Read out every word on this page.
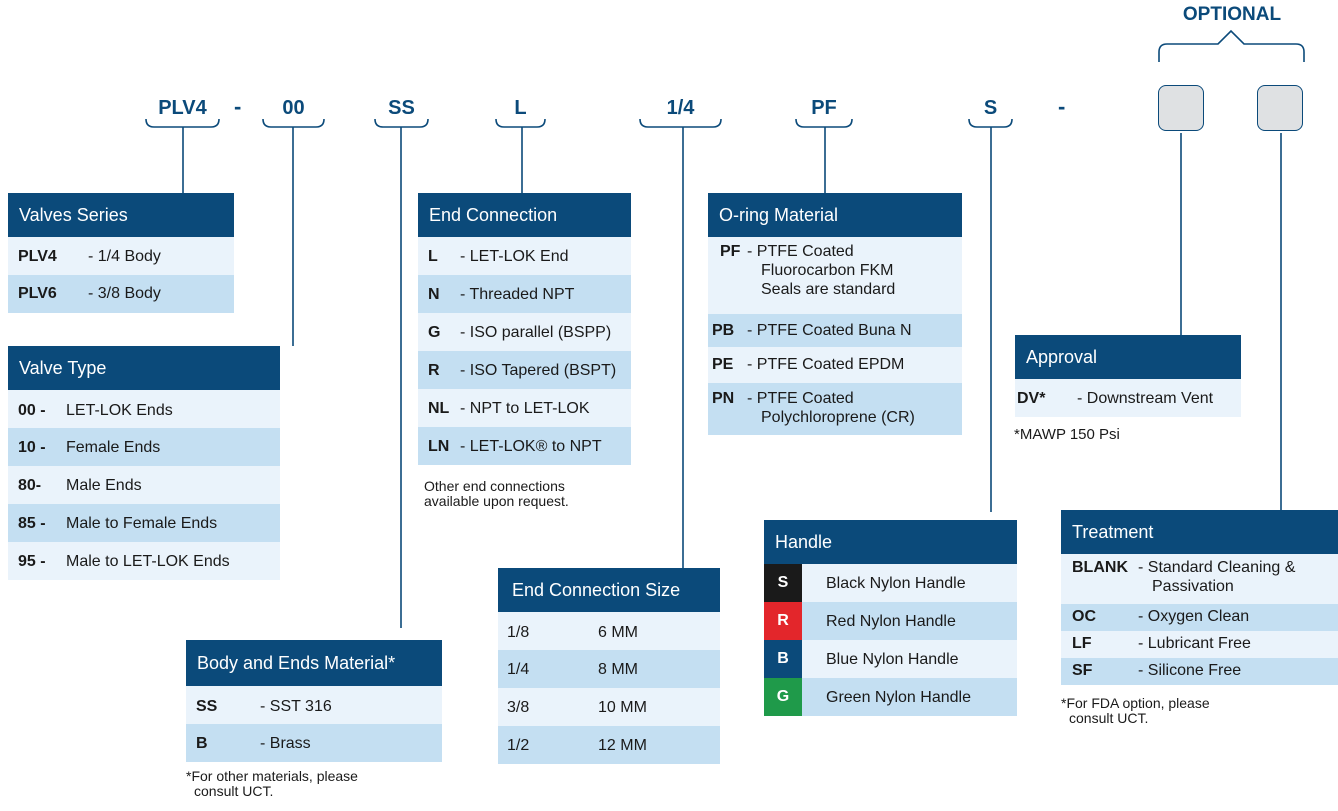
OPTIONAL
PLV4	-	00	SS	L	1/4	PF	S	-
Valves Series
PLV4	- 1/4 Body
PLV6	- 3/8 Body
Valve Type
00 -	LET-LOK Ends
10 -	Female Ends
80-	Male Ends
85 -	Male to Female Ends
95 -	Male to LET-LOK Ends
Body and Ends Material*
SS	- SST 316
B	- Brass
*For other materials, please
consult UCT.
End Connection
L	- LET-LOK End
N	- Threaded NPT
G	- ISO parallel (BSPP)
R	- ISO Tapered (BSPT)
NL - NPT to LET-LOK
LN - LET-LOK® to NPT
Other end connections
available upon request.
End Connection Size
1/8	6 MM
1/4	8 MM
3/8	10 MM
1/2	12 MM
O-ring Material
PF - PTFE Coated
Fluorocarbon FKM
Seals are standard
PB - PTFE Coated Buna N
PE - PTFE Coated EPDM
PN - PTFE Coated
Polychloroprene (CR)
Handle
S	Black Nylon Handle
R	Red Nylon Handle
B	Blue Nylon Handle
G	Green Nylon Handle
Approval
DV*	- Downstream Vent
*MAWP 150 Psi
Treatment
BLANK - Standard Cleaning &
Passivation
OC	- Oxygen Clean
LF	- Lubricant Free
SF	- Silicone Free
*For FDA option, please
consult UCT.
